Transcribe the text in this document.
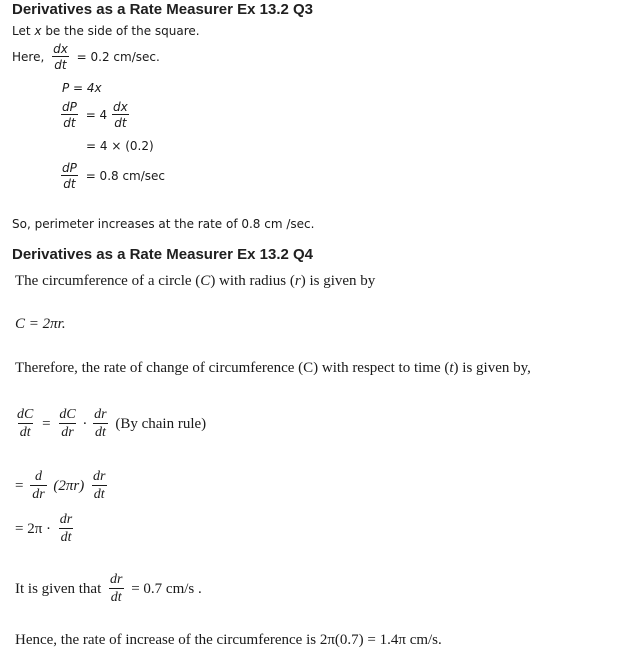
Derivatives as a Rate Measurer Ex 13.2 Q3
Let x be the side of the square.
Here, $\frac{dx}{dt} = 0.2$ cm/sec.
P = 4x
$\frac{dP}{dt} = 4 \frac{dx}{dt}$
= 4 × (0.2)
$\frac{dP}{dt} = 0.8$ cm/sec
So, perimeter increases at the rate of 0.8 cm /sec.
Derivatives as a Rate Measurer Ex 13.2 Q4
The circumference of a circle (C) with radius (r) is given by
C = 2πr.
Therefore, the rate of change of circumference (C) with respect to time (t) is given by,
$\frac{dC}{dt} = \frac{dC}{dr} \cdot \frac{dr}{dt} (By$ chain rule)
= $\frac{d}{dr} (2\pi r) \frac{dr}{dt}$
= $2\pi \cdot \frac{dr}{dt}$
It is given that $\frac{dr}{dt} = 0.7$ cm/s .
Hence, the rate of increase of the circumference is 2π(0.7) = 1.4π cm/s.
